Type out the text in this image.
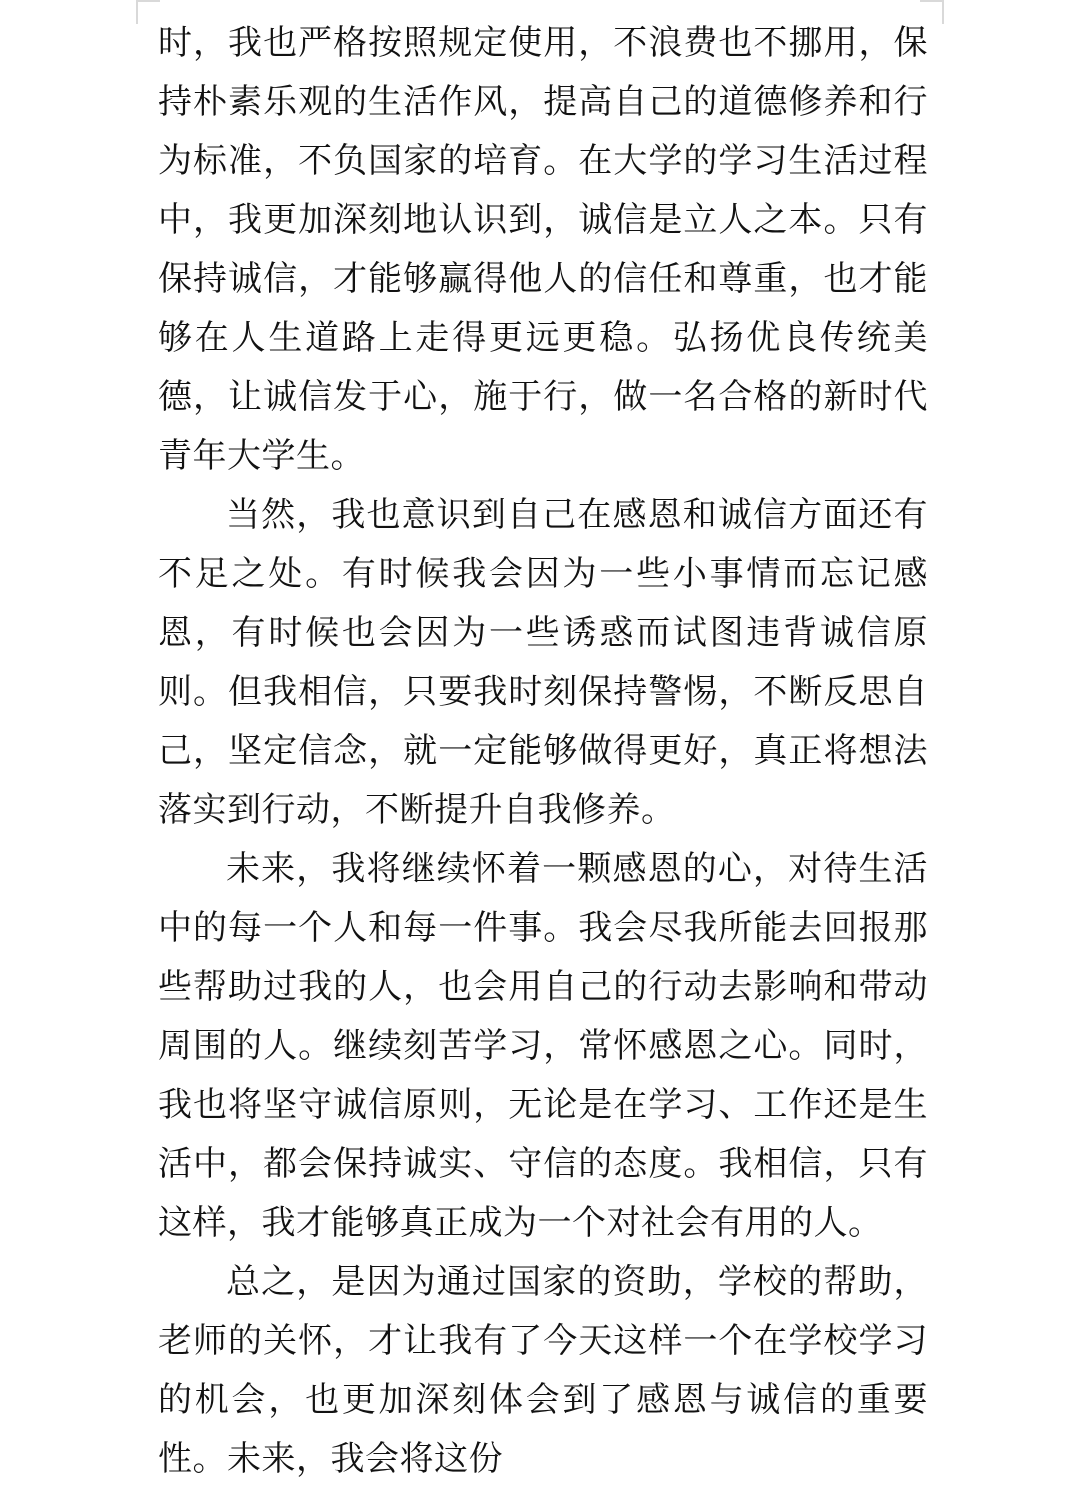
时，我也严格按照规定使用，不浪费也不挪用，保持朴素乐观的生活作风，提高自己的道德修养和行为标准，不负国家的培育。在大学的学习生活过程中，我更加深刻地认识到，诚信是立人之本。只有保持诚信，才能够赢得他人的信任和尊重，也才能够在人生道路上走得更远更稳。弘扬优良传统美德，让诚信发于心，施于行，做一名合格的新时代青年大学生。

当然，我也意识到自己在感恩和诚信方面还有不足之处。有时候我会因为一些小事情而忘记感恩，有时候也会因为一些诱惑而试图违背诚信原则。但我相信，只要我时刻保持警惕，不断反思自己，坚定信念，就一定能够做得更好，真正将想法落实到行动，不断提升自我修养。

未来，我将继续怀着一颗感恩的心，对待生活中的每一个人和每一件事。我会尽我所能去回报那些帮助过我的人，也会用自己的行动去影响和带动周围的人。继续刻苦学习，常怀感恩之心。同时，我也将坚守诚信原则，无论是在学习、工作还是生活中，都会保持诚实、守信的态度。我相信，只有这样，我才能够真正成为一个对社会有用的人。

总之，是因为通过国家的资助，学校的帮助，老师的关怀，才让我有了今天这样一个在学校学习的机会，也更加深刻体会到了感恩与诚信的重要性。未来，我会将这份
